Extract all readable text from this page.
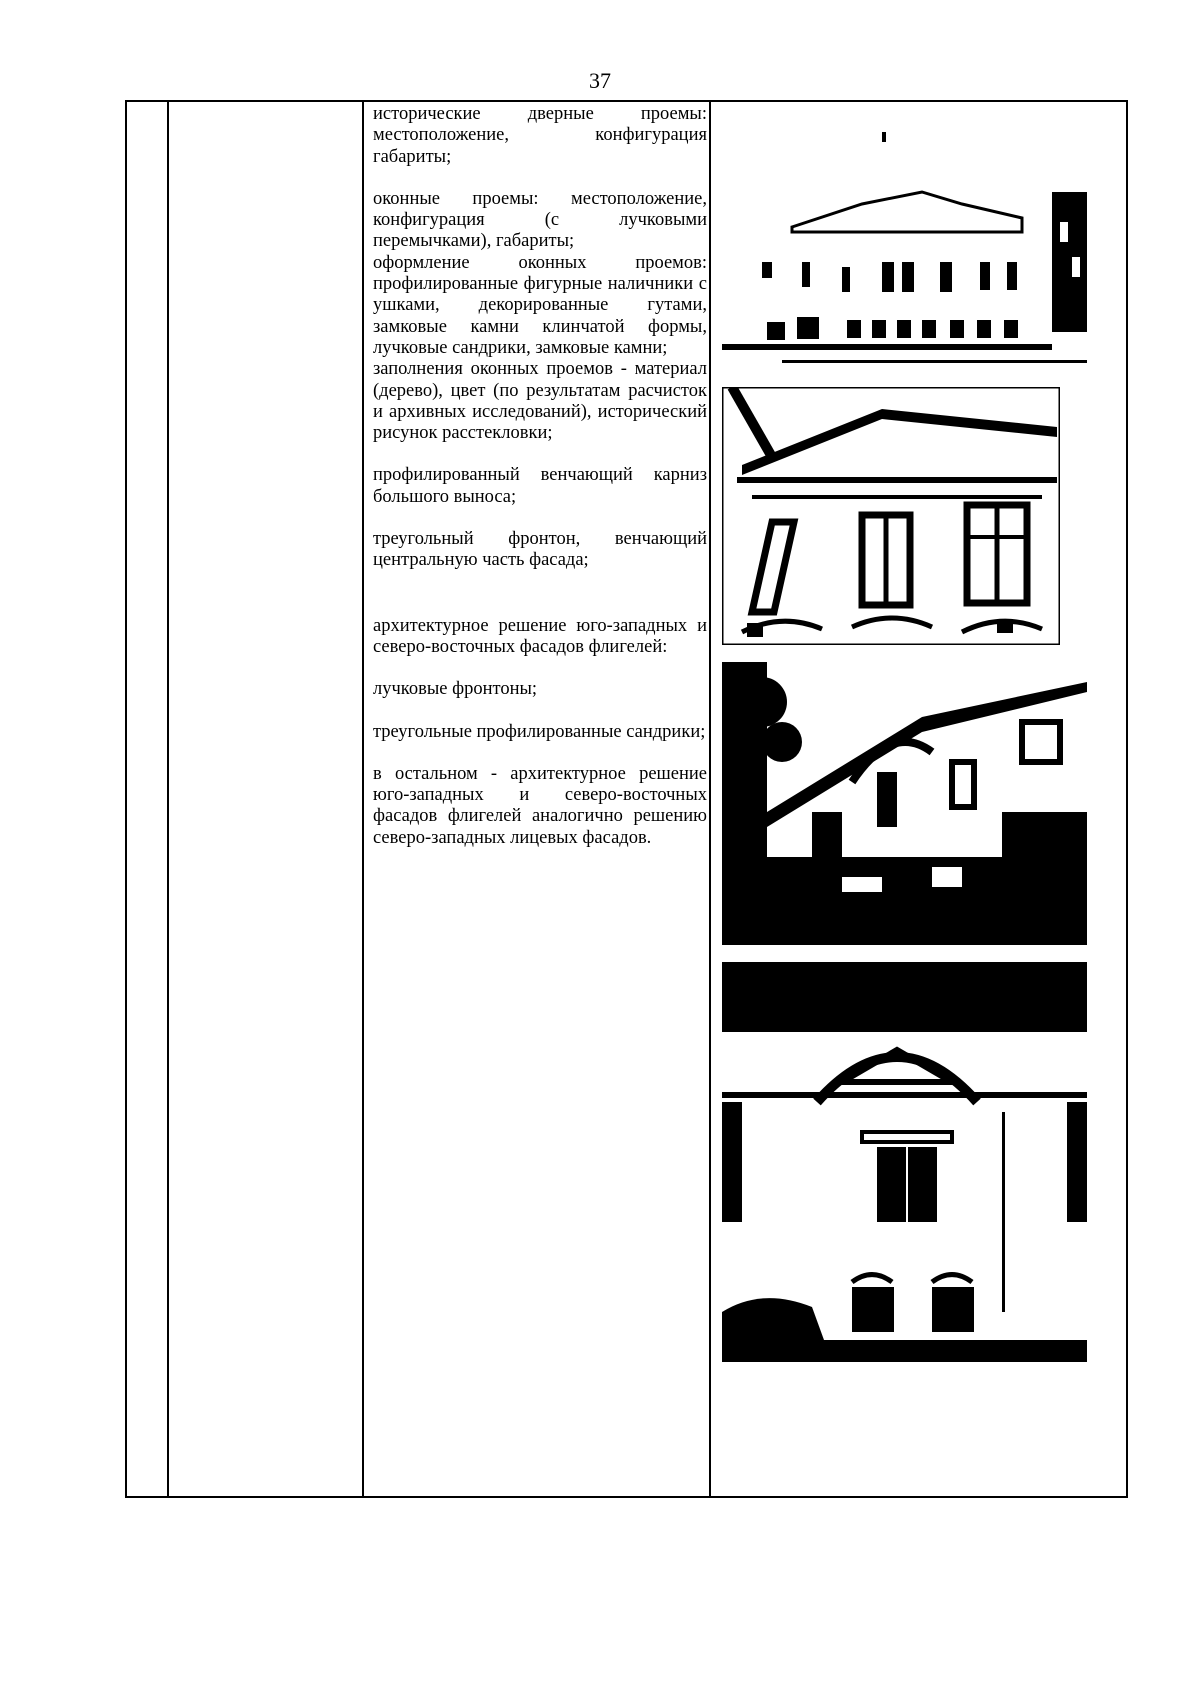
37

исторические дверные проемы: местоположение, конфигурация габариты;

оконные проемы: местоположение, конфигурация (с лучковыми перемычками), габариты;

оформление оконных проемов: профилированные фигурные наличники с ушками, декорированные гутами, замковые камни клинчатой формы, лучковые сандрики, замковые камни;

заполнения оконных проемов - материал (дерево), цвет (по результатам расчисток и архивных исследований), исторический рисунок расстекловки;

профилированный венчающий карниз большого выноса;

треугольный фронтон, венчающий центральную часть фасада;

архитектурное решение юго-западных и северо-восточных фасадов флигелей:

лучковые фронтоны;

треугольные профилированные сандрики;

в остальном - архитектурное решение юго-западных и северо-восточных фасадов флигелей аналогично решению северо-западных лицевых фасадов.
